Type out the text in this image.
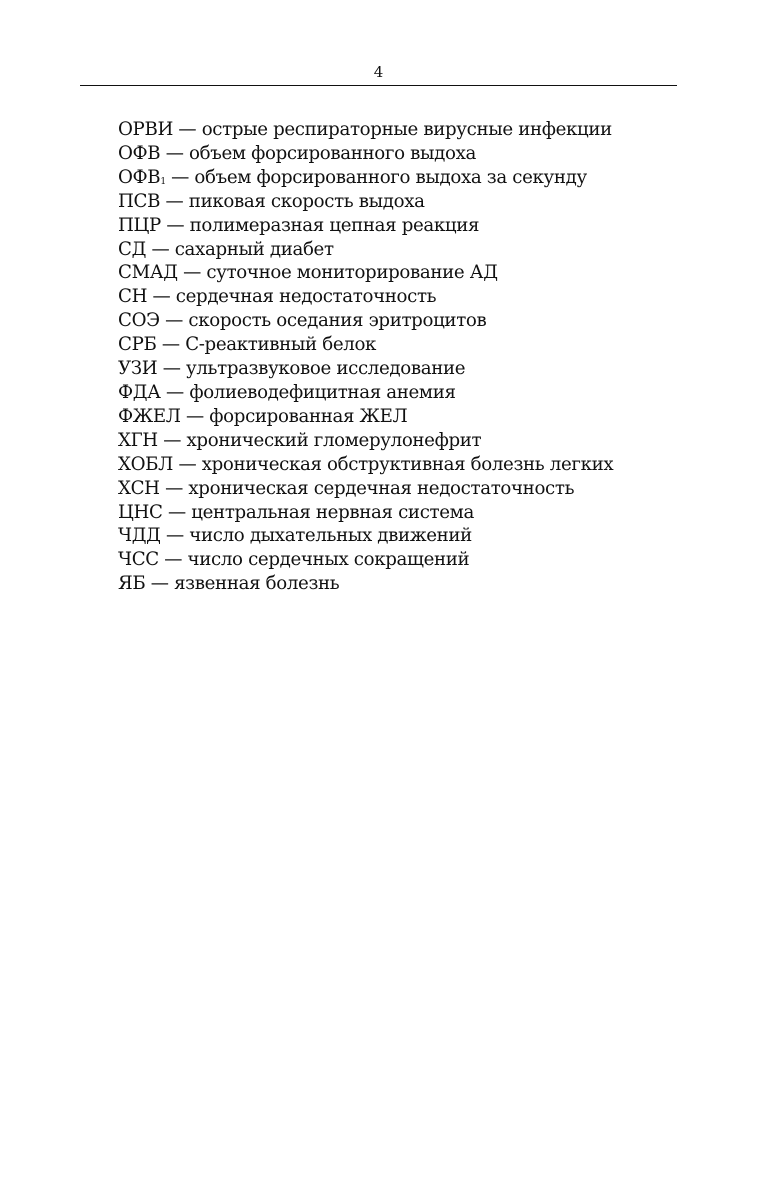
4
ОРВИ — острые респираторные вирусные инфекции
ОФВ — объем форсированного выдоха
$ОФВ_1$ — объем форсированного выдоха за секунду
ПСВ — пиковая скорость выдоха
ПЦР — полимеразная цепная реакция
СД — сахарный диабет
СМАД — суточное мониторирование АД
СН — сердечная недостаточность
СОЭ — скорость оседания эритроцитов
СРБ — С-реактивный белок
УЗИ — ультразвуковое исследование
ФДА — фолиеводефицитная анемия
ФЖЕЛ — форсированная ЖЕЛ
ХГН — хронический гломерулонефрит
ХОБЛ — хроническая обструктивная болезнь легких
ХСН — хроническая сердечная недостаточность
ЦНС — центральная нервная система
ЧДД — число дыхательных движений
ЧСС — число сердечных сокращений
ЯБ — язвенная болезнь
